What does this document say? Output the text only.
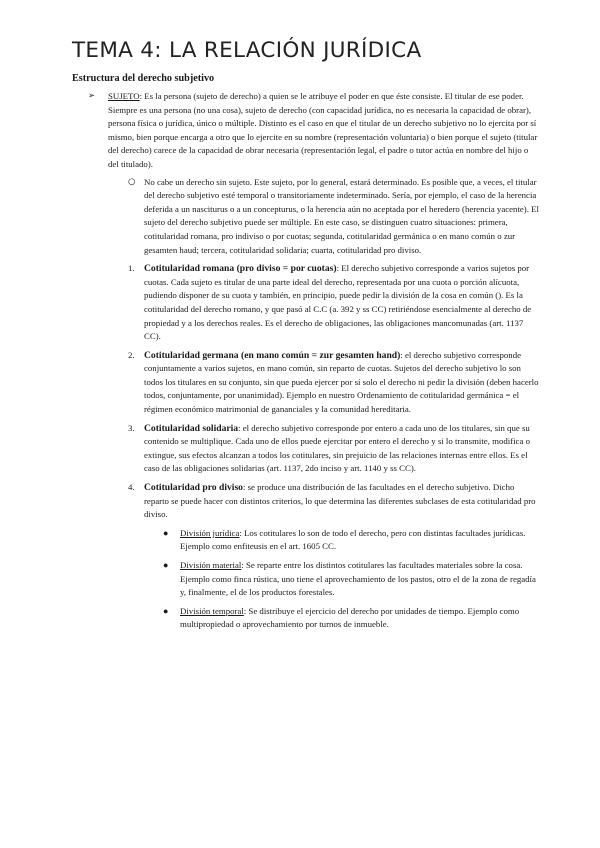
TEMA 4: LA RELACIÓN JURÍDICA
Estructura del derecho subjetivo
➢ SUJETO: Es la persona (sujeto de derecho) a quien se le atribuye el poder en que éste consiste. El titular de ese poder. Siempre es una persona (no una cosa), sujeto de derecho (con capacidad jurídica, no es necesaria la capacidad de obrar), persona física o jurídica, único o múltiple. Distinto es el caso en que el titular de un derecho subjetivo no lo ejercita por sí mismo, bien porque encarga a otro que lo ejercite en su nombre (representación voluntaria) o bien porque el sujeto (titular del derecho) carece de la capacidad de obrar necesaria (representación legal, el padre o tutor actúa en nombre del hijo o del titulado).
○ No cabe un derecho sin sujeto. Este sujeto, por lo general, estará determinado. Es posible que, a veces, el titular del derecho subjetivo esté temporal o transitoriamente indeterminado. Sería, por ejemplo, el caso de la herencia deferida a un nasciturus o a un concepturus, o la herencia aún no aceptada por el heredero (herencia yacente). El sujeto del derecho subjetivo puede ser múltiple. En este caso, se distinguen cuatro situaciones: primera, cotitularidad romana, pro indiviso o por cuotas; segunda, cotitularidad germánica o en mano común o zur gesamten haud; tercera, cotitularidad solidaria; cuarta, cotitularidad pro diviso.
1. Cotitularidad romana (pro diviso = por cuotas): El derecho subjetivo corresponde a varios sujetos por cuotas. Cada sujeto es titular de una parte ideal del derecho, representada por una cuota o porción alícuota, pudiendo disponer de su cuota y también, en principio, puede pedir la división de la cosa en común (). Es la cotitularidad del derecho romano, y que pasó al C.C (a. 392 y ss CC) retiriéndose esencialmente al derecho de propiedad y a los derechos reales. Es el derecho de obligaciones, las obligaciones mancomunadas (art. 1137 CC).
2. Cotitularidad germana (en mano común = zur gesamten hand): el derecho subjetivo corresponde conjuntamente a varios sujetos, en mano común, sin reparto de cuotas. Sujetos del derecho subjetivo lo son todos los titulares en su conjunto, sin que pueda ejercer por sí solo el derecho ni pedir la división (deben hacerlo todos, conjuntamente, por unanimidad). Ejemplo en nuestro Ordenamiento de cotitularidad germánica = el régimen económico matrimonial de gananciales y la comunidad hereditaria.
3. Cotitularidad solidaria: el derecho subjetivo corresponde por entero a cada uno de los titulares, sin que su contenido se multiplique. Cada uno de ellos puede ejercitar por entero el derecho y si lo transmite, modifica o extingue, sus efectos alcanzan a todos los cotitulares, sin prejuicio de las relaciones internas entre ellos. Es el caso de las obligaciones solidarias (art. 1137, 2do inciso y art. 1140 y ss CC).
4. Cotitularidad pro diviso: se produce una distribución de las facultades en el derecho subjetivo. Dicho reparto se puede hacer con distintos criterios, lo que determina las diferentes subclases de esta cotitularidad pro diviso.
● División jurídica: Los cotitulares lo son de todo el derecho, pero con distintas facultades jurídicas. Ejemplo como enfiteusis en el art. 1605 CC.
● División material: Se reparte entre los distintos cotitulares las facultades materiales sobre la cosa. Ejemplo como finca rústica, uno tiene el aprovechamiento de los pastos, otro el de la zona de regadía y, finalmente, el de los productos forestales.
● División temporal: Se distribuye el ejercicio del derecho por unidades de tiempo. Ejemplo como multipropiedad o aprovechamiento por turnos de inmueble.
